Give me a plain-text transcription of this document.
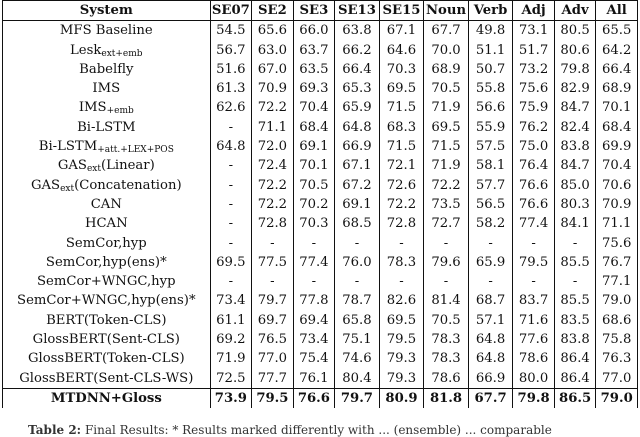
System	SE07	SE2	SE3	SE13	SE15	Noun	Verb	Adj	Adv	All
MFS Baseline	54.5	65.6	66.0	63.8	67.1	67.7	49.8	73.1	80.5	65.5
Lesk$_{ext+emb}$	56.7	63.0	63.7	66.2	64.6	70.0	51.1	51.7	80.6	64.2
Babelfly	51.6	67.0	63.5	66.4	70.3	68.9	50.7	73.2	79.8	66.4
IMS	61.3	70.9	69.3	65.3	69.5	70.5	55.8	75.6	82.9	68.9
$IMS_{+emb}$	62.6	72.2	70.4	65.9	71.5	71.9	56.6	75.9	84.7	70.1
Bi-LSTM	-	71.1	68.4	64.8	68.3	69.5	55.9	76.2	82.4	68.4
$Bi-LSTM_{+att.+LEX+POS}$	64.8	72.0	69.1	66.9	71.5	71.5	57.5	75.0	83.8	69.9
$GAS_{ext}(Linear)$	-	72.4	70.1	67.1	72.1	71.9	58.1	76.4	84.7	70.4
$GAS_{ext}(Concatenation)$	-	72.2	70.5	67.2	72.6	72.2	57.7	76.6	85.0	70.6
CAN	-	72.2	70.2	69.1	72.2	73.5	56.5	76.6	80.3	70.9
HCAN	-	72.8	70.3	68.5	72.8	72.7	58.2	77.4	84.1	71.1
SemCor,hyp	-	-	-	-	-	-	-	-	-	75.6
SemCor,hyp(ens)*	69.5	77.5	77.4	76.0	78.3	79.6	65.9	79.5	85.5	76.7
SemCor+WNGC,hyp	-	-	-	-	-	-	-	-	-	77.1
SemCor+WNGC,hyp(ens)*	73.4	79.7	77.8	78.7	82.6	81.4	68.7	83.7	85.5	79.0
BERT(Token-CLS)	61.1	69.7	69.4	65.8	69.5	70.5	57.1	71.6	83.5	68.6
GlossBERT(Sent-CLS)	69.2	76.5	73.4	75.1	79.5	78.3	64.8	77.6	83.8	75.8
GlossBERT(Token-CLS)	71.9	77.0	75.4	74.6	79.3	78.3	64.8	78.6	86.4	76.3
GlossBERT(Sent-CLS-WS)	72.5	77.7	76.1	80.4	79.3	78.6	66.9	80.0	86.4	77.0
MTDNN+Gloss	73.9	79.5	76.6	79.7	80.9	81.8	67.7	79.8	86.5	79.0
Table 2: Final Results: * Results marked differently with ... (ensemble) ... comparable
